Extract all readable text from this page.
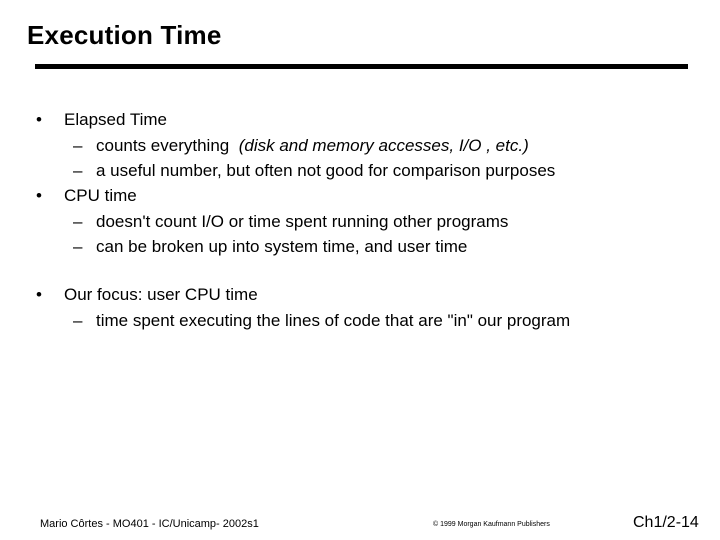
Execution Time
• Elapsed Time
– counts everything (disk and memory accesses, I/O , etc.)
– a useful number, but often not good for comparison purposes
• CPU time
– doesn't count I/O or time spent running other programs
– can be broken up into system time, and user time
• Our focus: user CPU time
– time spent executing the lines of code that are "in" our program
Mario Côrtes - MO401 - IC/Unicamp- 2002s1	© 1999 Morgan Kaufmann Publishers	Ch1/2-14
